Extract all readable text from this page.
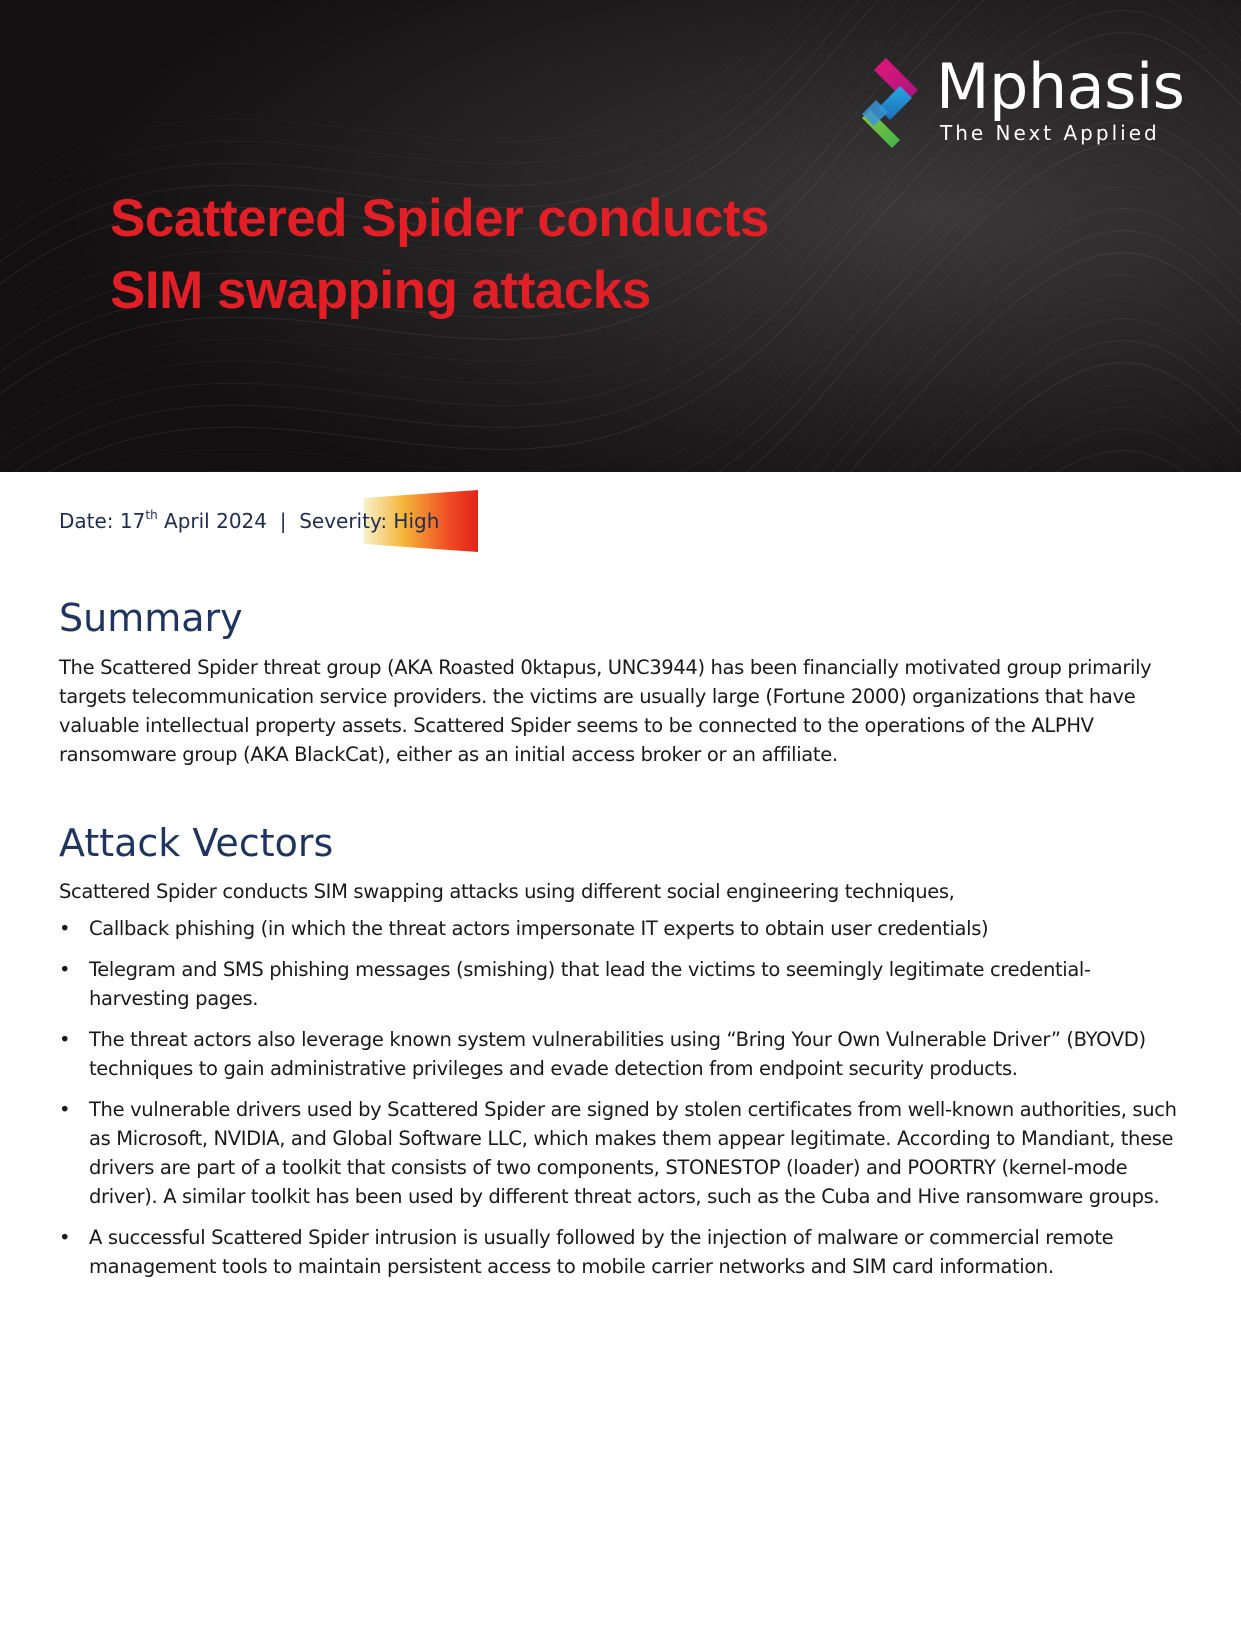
Mphasis
The Next Applied
Scattered Spider conducts
SIM swapping attacks
Date: 17th April 2024 | Severity: High
Summary

The Scattered Spider threat group (AKA Roasted 0ktapus, UNC3944) has been financially motivated group primarily targets telecommunication service providers. the victims are usually large (Fortune 2000) organizations that have valuable intellectual property assets. Scattered Spider seems to be connected to the operations of the ALPHV ransomware group (AKA BlackCat), either as an initial access broker or an affiliate.

Attack Vectors

Scattered Spider conducts SIM swapping attacks using different social engineering techniques,

• Callback phishing (in which the threat actors impersonate IT experts to obtain user credentials)
• Telegram and SMS phishing messages (smishing) that lead the victims to seemingly legitimate credential-harvesting pages.
• The threat actors also leverage known system vulnerabilities using “Bring Your Own Vulnerable Driver” (BYOVD) techniques to gain administrative privileges and evade detection from endpoint security products.
• The vulnerable drivers used by Scattered Spider are signed by stolen certificates from well-known authorities, such as Microsoft, NVIDIA, and Global Software LLC, which makes them appear legitimate. According to Mandiant, these drivers are part of a toolkit that consists of two components, STONESTOP (loader) and POORTRY (kernel-mode driver). A similar toolkit has been used by different threat actors, such as the Cuba and Hive ransomware groups.
• A successful Scattered Spider intrusion is usually followed by the injection of malware or commercial remote management tools to maintain persistent access to mobile carrier networks and SIM card information.
